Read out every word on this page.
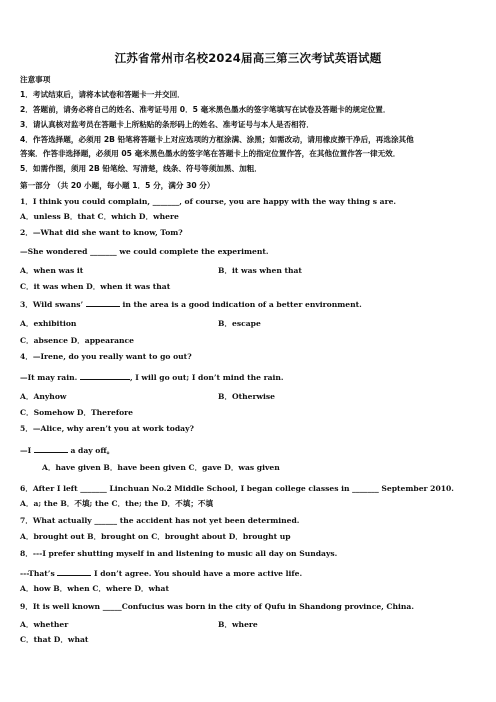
江苏省常州市名校2024届高三第三次考试英语试题
注意事项
1．考试结束后，请将本试卷和答题卡一并交回．
2．答题前，请务必将自己的姓名、准考证号用 0．5 毫米黑色墨水的签字笔填写在试卷及答题卡的规定位置．
3．请认真核对监考员在答题卡上所粘贴的条形码上的姓名、准考证号与本人是否相符．
4．作答选择题，必须用 2B 铅笔将答题卡上对应选项的方框涂满、涂黑；如需改动，请用橡皮擦干净后，再选涂其他
答案．作答非选择题，必须用 05 毫米黑色墨水的签字笔在答题卡上的指定位置作答，在其他位置作答一律无效．
5．如需作图，须用 2B 铅笔绘、写清楚，线条、符号等须加黑、加粗．
第一部分 （共 20 小题，每小题 1．5 分，满分 30 分）
1．I think you could complain, _______, of course, you are happy with the way thing s are.
A．unless B．that C．which D．where
2．—What did she want to know, Tom?
—She wondered _______ we could complete the experiment.
A．when was it	B．it was when that
C．it was when D．when it was that
3．Wild swans’	in the area is a good indication of a better environment.
A．exhibition	B．escape
C．absence D．appearance
4．—Irene, do you really want to go out?
—It may rain.	, I will go out; I don’t mind the rain.
A．Anyhow	B．Otherwise
C．Somehow D．Therefore
5．—Alice, why aren’t you at work today?
—I	a day off。
A．have given B．have been given C．gave D．was given
6．After I left _______ Linchuan No.2 Middle School, I began college classes in _______ September 2010.
A．a; the B．不填; the C．the; the D．不填；不填
7．What actually ______ the accident has not yet been determined.
A．brought out B．brought on C．brought about D．brought up
8．---I prefer shutting myself in and listening to music all day on Sundays.
---That’s	I don’t agree. You should have a more active life.
A．how B．when C．where D．what
9．It is well known _____Confucius was born in the city of Qufu in Shandong province, China.
A．whether	B．where
C．that D．what
